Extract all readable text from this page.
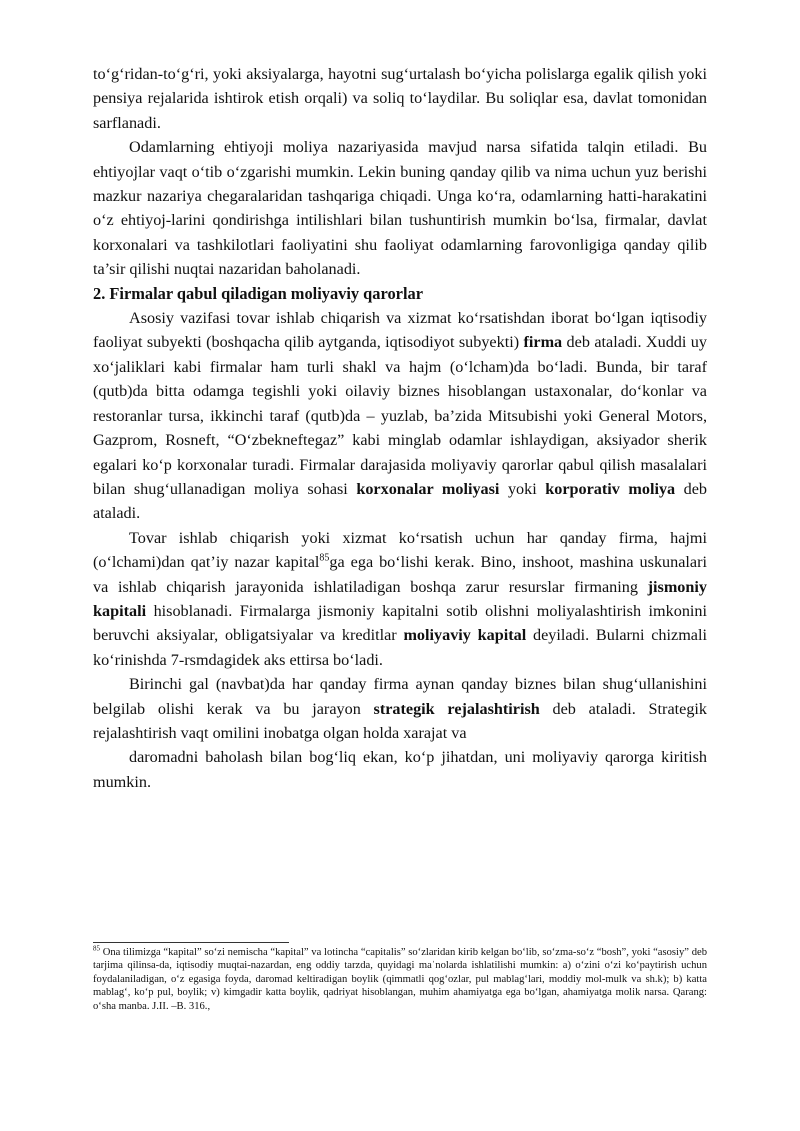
to‘g‘ridan-to‘g‘ri, yoki aksiyalarga, hayotni sug‘urtalash bo‘yicha polislarga egalik qilish yoki pensiya rejalarida ishtirok etish orqali) va soliq to‘laydilar. Bu soliqlar esa, davlat tomonidan sarflanadi.

Odamlarning ehtiyoji moliya nazariyasida mavjud narsa sifatida talqin etiladi. Bu ehtiyojlar vaqt o‘tib o‘zgarishi mumkin. Lekin buning qanday qilib va nima uchun yuz berishi mazkur nazariya chegaralaridan tashqariga chiqadi. Unga ko‘ra, odamlarning hatti-harakatini o‘z ehtiyoj-larini qondirishga intilishlari bilan tushuntirish mumkin bo‘lsa, firmalar, davlat korxonalari va tashkilotlari faoliyatini shu faoliyat odamlarning farovonligiga qanday qilib ta’sir qilishi nuqtai nazaridan baholanadi.

2. Firmalar qabul qiladigan moliyaviy qarorlar

Asosiy vazifasi tovar ishlab chiqarish va xizmat ko‘rsatishdan iborat bo‘lgan iqtisodiy faoliyat subyekti (boshqacha qilib aytganda, iqtisodiyot subyekti) firma deb ataladi. Xuddi uy xo‘jaliklari kabi firmalar ham turli shakl va hajm (o‘lcham)da bo‘ladi. Bunda, bir taraf (qutb)da bitta odamga tegishli yoki oilaviy biznes hisoblangan ustaxonalar, do‘konlar va restoranlar tursa, ikkinchi taraf (qutb)da – yuzlab, ba’zida Mitsubishi yoki General Motors, Gazprom, Rosneft, “O‘zbekneftegaz” kabi minglab odamlar ishlaydigan, aksiyador sherik egalari ko‘p korxonalar turadi. Firmalar darajasida moliyaviy qarorlar qabul qilish masalalari bilan shug‘ullanadigan moliya sohasi korxonalar moliyasi yoki korporativ moliya deb ataladi.

Tovar ishlab chiqarish yoki xizmat ko‘rsatish uchun har qanday firma, hajmi (o‘lchami)dan qat’iy nazar kapital$^{85}$ga ega bo‘lishi kerak. Bino, inshoot, mashina uskunalari va ishlab chiqarish jarayonida ishlatiladigan boshqa zarur resurslar firmaning jismoniy kapitali hisoblanadi. Firmalarga jismoniy kapitalni sotib olishni moliyalashtirish imkonini beruvchi aksiyalar, obligatsiyalar va kreditlar moliyaviy kapital deyiladi. Bularni chizmali ko‘rinishda 7-rsmdagidek aks ettirsa bo‘ladi.

Birinchi gal (navbat)da har qanday firma aynan qanday biznes bilan shug‘ullanishini belgilab olishi kerak va bu jarayon strategik rejalashtirish deb ataladi. Strategik rejalashtirish vaqt omilini inobatga olgan holda xarajat va

daromadni baholash bilan bog‘liq ekan, ko‘p jihatdan, uni moliyaviy qarorga kiritish mumkin.

$^{85}$ Ona tilimizga “kapital” so‘zi nemischa “kapital” va lotincha “capitalis” so‘zlaridan kirib kelgan bo‘lib, so‘zma-so‘z “bosh”, yoki “asosiy” deb tarjima qilinsa-da, iqtisodiy muqtai-nazardan, eng oddiy tarzda, quyidagi maˈnolarda ishlatilishi mumkin: a) o‘zini o‘zi ko‘paytirish uchun foydalaniladigan, o‘z egasiga foyda, daromad keltiradigan boylik (qimmatli qog‘ozlar, pul mablag‘lari, moddiy mol-mulk va sh.k); b) katta mablag‘, ko‘p pul, boylik; v) kimgadir katta boylik, qadriyat hisoblangan, muhim ahamiyatga ega bo‘lgan, ahamiyatga molik narsa. Qarang: o‘sha manba. J.II. –B. 316.,
